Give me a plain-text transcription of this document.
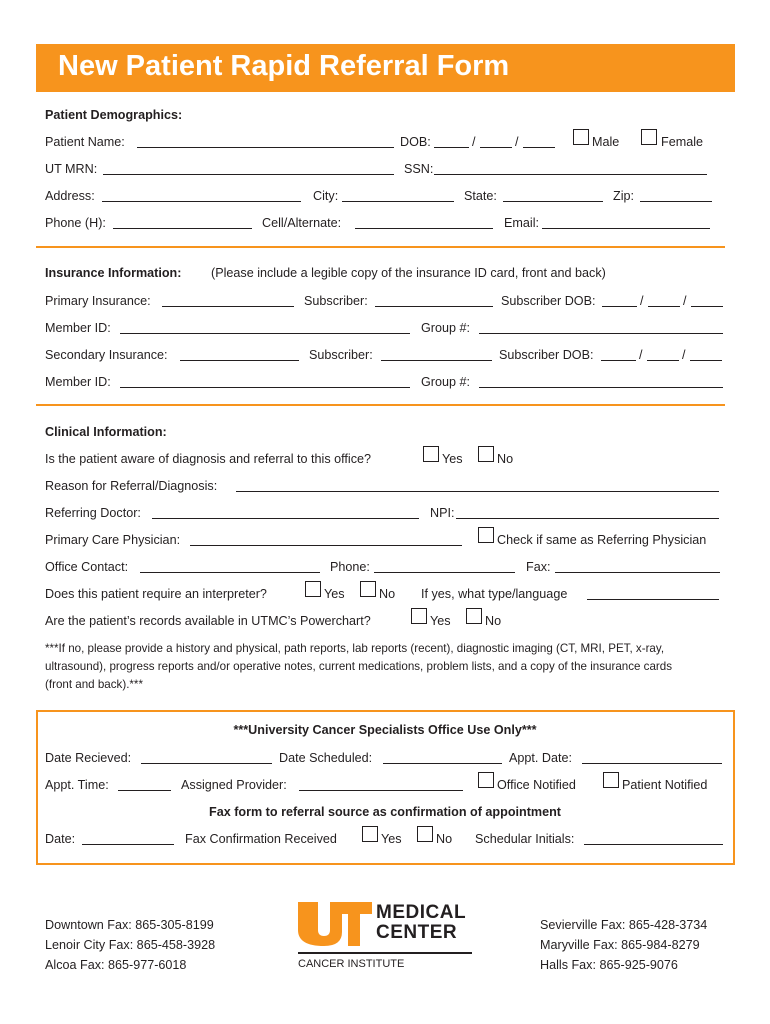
New Patient Rapid Referral Form
Patient Demographics:
Patient Name:	DOB:	/	/	Male	Female
UT MRN:	SSN:
Address:	City:	State:	Zip:
Phone (H):	Cell/Alternate:	Email:
Insurance Information: (Please include a legible copy of the insurance ID card, front and back)
Primary Insurance:	Subscriber:	Subscriber DOB:	/	/
Member ID:	Group #:
Secondary Insurance:	Subscriber:	Subscriber DOB:	/	/
Member ID:	Group #:
Clinical Information:
Is the patient aware of diagnosis and referral to this office?	Yes	No
Reason for Referral/Diagnosis:
Referring Doctor:	NPI:
Primary Care Physician:	Check if same as Referring Physician
Office Contact:	Phone:	Fax:
Does this patient require an interpreter?	Yes	No If yes, what type/language
Are the patient’s records available in UTMC’s Powerchart?	Yes	No
***If no, please provide a history and physical, path reports, lab reports (recent), diagnostic imaging (CT, MRI, PET, x-ray,
ultrasound), progress reports and/or operative notes, current medications, problem lists, and a copy of the insurance cards
(front and back).***
***University Cancer Specialists Office Use Only***
Date Recieved:	Date Scheduled:	Appt. Date:
Appt. Time:	Assigned Provider:	Office Notified	Patient Notified
Fax form to referral source as confirmation of appointment
Date:	Fax Confirmation Received	Yes	No Schedular Initials:
Downtown Fax: 865-305-8199
Lenoir City Fax: 865-458-3928
Alcoa Fax: 865-977-6018
Sevierville Fax: 865-428-3734
Maryville Fax: 865-984-8279
Halls Fax: 865-925-9076
MEDICAL
CENTER
CANCER INSTITUTE
